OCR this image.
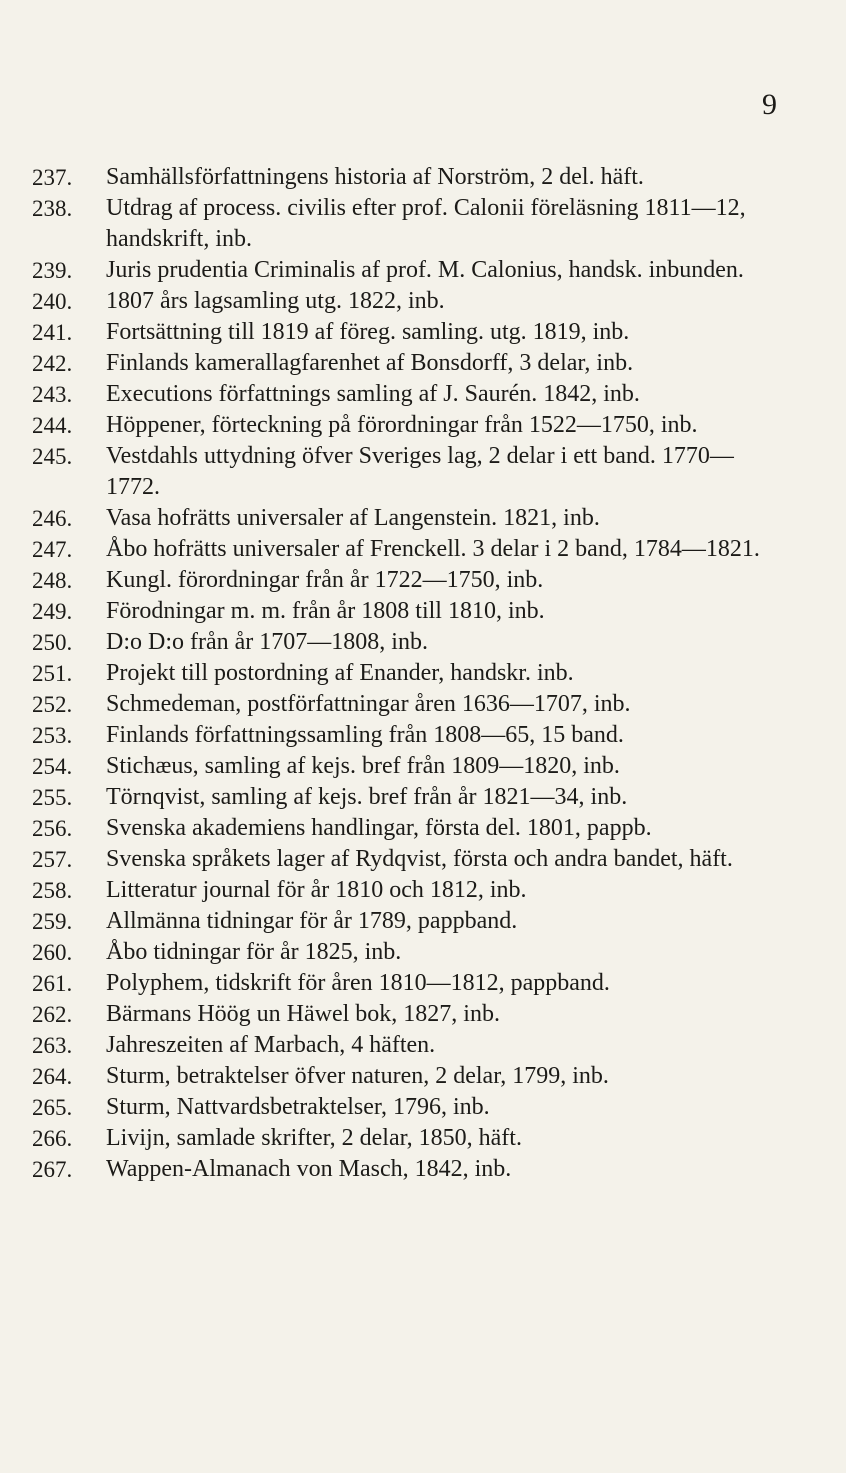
9
237.	Samhällsförfattningens historia af Norström, 2 del. häft.
238.	Utdrag af process. civilis efter prof. Calonii föreläsning 1811—12, handskrift, inb.
239.	Juris prudentia Criminalis af prof. M. Calonius, handsk. inbunden.
240.	1807 års lagsamling utg. 1822, inb.
241.	Fortsättning till 1819 af föreg. samling. utg. 1819, inb.
242.	Finlands kamerallagfarenhet af Bonsdorff, 3 delar, inb.
243.	Executions författnings samling af J. Saurén. 1842, inb.
244.	Höppener, förteckning på förordningar från 1522—1750, inb.
245.	Vestdahls uttydning öfver Sveriges lag, 2 delar i ett band. 1770—1772.
246.	Vasa hofrätts universaler af Langenstein. 1821, inb.
247.	Åbo hofrätts universaler af Frenckell. 3 delar i 2 band, 1784—1821.
248.	Kungl. förordningar från år 1722—1750, inb.
249.	Förodningar m. m. från år 1808 till 1810, inb.
250.	D:o D:o från år 1707—1808, inb.
251.	Projekt till postordning af Enander, handskr. inb.
252.	Schmedeman, postförfattningar åren 1636—1707, inb.
253.	Finlands författningssamling från 1808—65, 15 band.
254.	Stichæus, samling af kejs. bref från 1809—1820, inb.
255.	Törnqvist, samling af kejs. bref från år 1821—34, inb.
256.	Svenska akademiens handlingar, första del. 1801, pappb.
257.	Svenska språkets lager af Rydqvist, första och andra bandet, häft.
258.	Litteratur journal för år 1810 och 1812, inb.
259.	Allmänna tidningar för år 1789, pappband.
260.	Åbo tidningar för år 1825, inb.
261.	Polyphem, tidskrift för åren 1810—1812, pappband.
262.	Bärmans Höög un Häwel bok, 1827, inb.
263.	Jahreszeiten af Marbach, 4 häften.
264.	Sturm, betraktelser öfver naturen, 2 delar, 1799, inb.
265.	Sturm, Nattvardsbetraktelser, 1796, inb.
266.	Livijn, samlade skrifter, 2 delar, 1850, häft.
267.	Wappen-Almanach von Masch, 1842, inb.
